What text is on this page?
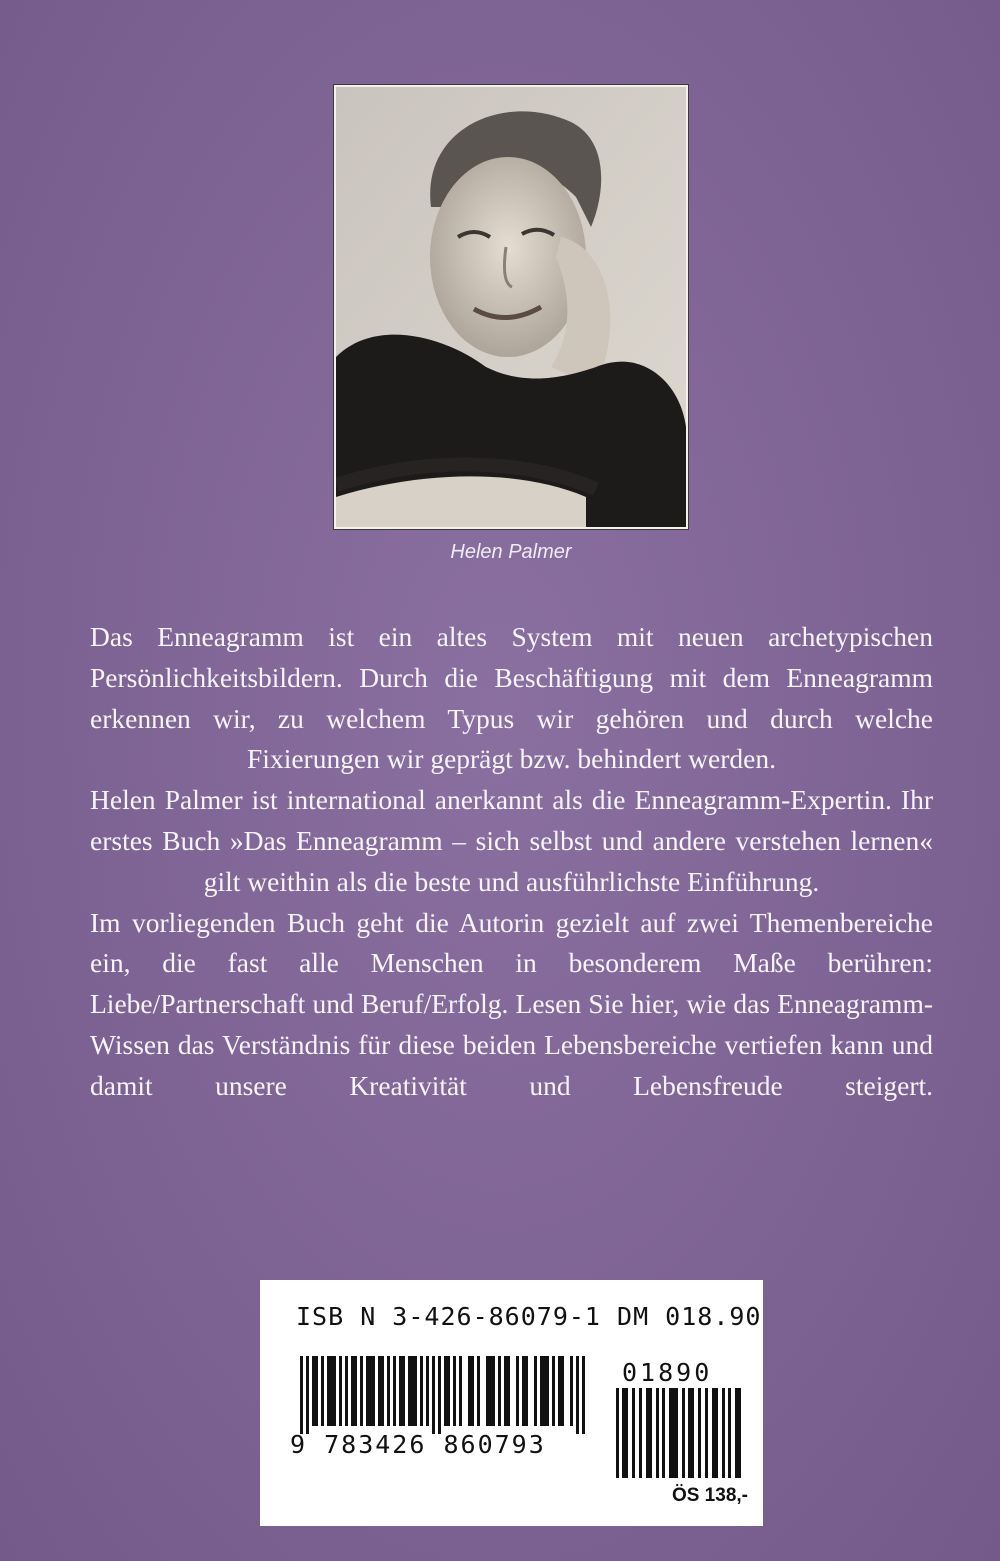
Helen Palmer

Das Enneagramm ist ein altes System mit neuen archetypischen Persönlichkeitsbildern. Durch die Beschäftigung mit dem Enneagramm erkennen wir, zu welchem Typus wir gehören und durch welche Fixierungen wir geprägt bzw. behindert werden.

Helen Palmer ist international anerkannt als die Enneagramm-Expertin. Ihr erstes Buch »Das Enneagramm – sich selbst und andere verstehen lernen« gilt weithin als die beste und ausführlichste Einführung.

Im vorliegenden Buch geht die Autorin gezielt auf zwei Themenbereiche ein, die fast alle Menschen in besonderem Maße berühren: Liebe/Partnerschaft und Beruf/Erfolg. Lesen Sie hier, wie das Enneagramm-Wissen das Verständnis für diese beiden Lebensbereiche vertiefen kann und damit unsere Kreativität und Lebensfreude steigert.

ISB N 3-426-86079-1 DM 018.90
9 783426 860793
01890
ÖS 138,-
